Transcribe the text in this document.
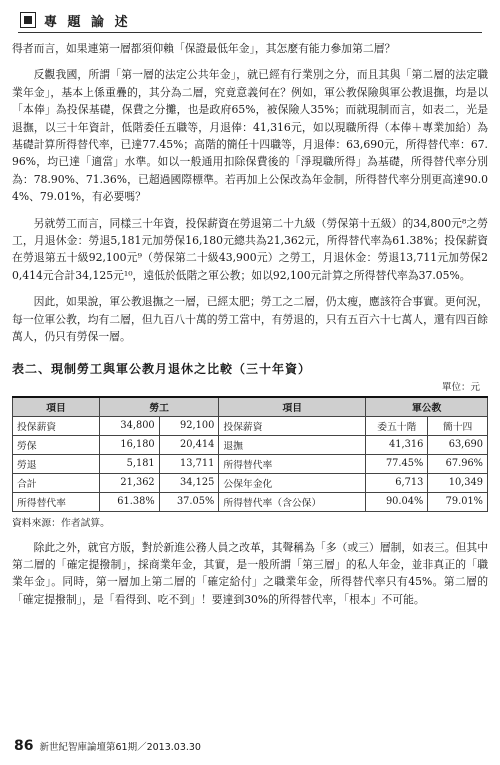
專 題 論 述

得者而言，如果連第一層都須仰賴「保證最低年金」，其怎麼有能力參加第二層？

反觀我國，所謂「第一層的法定公共年金」，就已經有行業別之分，而且其與「第二層的法定職業年金」，基本上係重疊的，其分為二層，究竟意義何在？例如，軍公教保險與軍公教退撫，均是以「本俸」為投保基礎，保費之分攤，也是政府65%，被保險人35%；而就現制而言，如表二，光是退撫，以三十年資計，低階委任五職等，月退俸：41,316元，如以現職所得（本俸＋專業加給）為基礎計算所得替代率，已達77.45%；高階的簡任十四職等，月退俸：63,690元，所得替代率：67.96%，均已達「適當」水準。如以一般通用扣除保費後的「淨現職所得」為基礎，所得替代率分別為：78.90%、71.36%，已超過國際標準。若再加上公保改為年金制，所得替代率分別更高達90.04%、79.01%，有必要嗎？

另就勞工而言，同樣三十年資，投保薪資在勞退第二十九級（勞保第十五級）的34,800元⁸之勞工，月退休金：勞退5,181元加勞保16,180元總共為21,362元，所得替代率為61.38%；投保薪資在勞退第五十級92,100元⁹（勞保第二十級43,900元）之勞工，月退休金：勞退13,711元加勞保20,414元合計34,125元¹⁰，遠低於低階之軍公教；如以92,100元計算之所得替代率為37.05%。

因此，如果說，軍公教退撫之一層，已經太肥；勞工之二層，仍太瘦，應該符合事實。更何況，每一位軍公教，均有二層，但九百八十萬的勞工當中，有勞退的，只有五百六十七萬人，還有四百餘萬人，仍只有勞保一層。

表二、現制勞工與軍公教月退休之比較（三十年資）
單位：元
項目	勞工		項目	軍公教	

投保薪資	34,800	92,100	投保薪資	委五十階	簡十四
勞保	16,180	20,414	退撫	41,316	63,690
勞退	5,181	13,711	所得替代率	77.45%	67.96%
合計	21,362	34,125	公保年金化	6,713	10,349
所得替代率	61.38%	37.05%	所得替代率（含公保）	90.04%	79.01%
資料來源：作者試算。

除此之外，就官方版，對於新進公務人員之改革，其聲稱為「多（或三）層制，如表三。但其中第二層的「確定提撥制」，採商業年金，其實，是一般所謂「第三層」的私人年金，並非真正的「職業年金」。同時，第一層加上第二層的「確定給付」之職業年金，所得替代率只有45%。第二層的「確定提撥制」，是「看得到、吃不到」！要達到30%的所得替代率，「根本」不可能。

86 新世紀智庫論壇第61期／2013.03.30
